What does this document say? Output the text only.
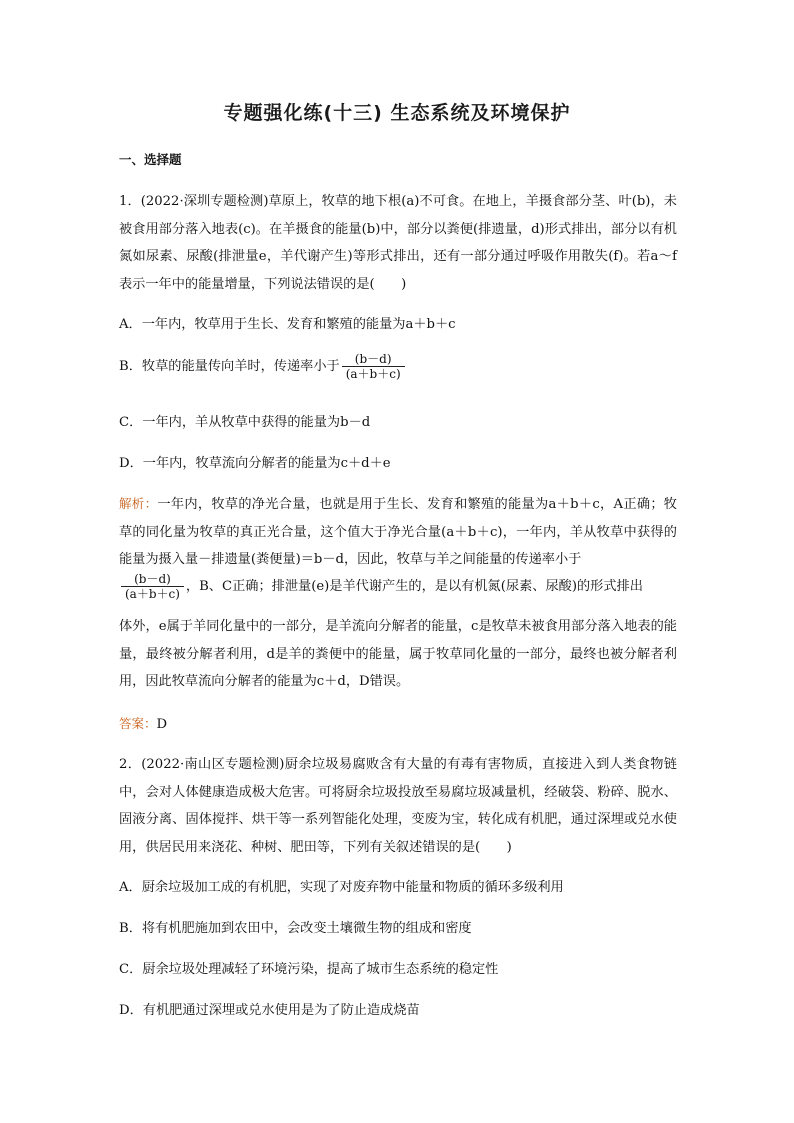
专题强化练(十三) 生态系统及环境保护
一、选择题
1．(2022·深圳专题检测)草原上，牧草的地下根(a)不可食。在地上，羊摄食部分茎、叶(b)，未被食用部分落入地表(c)。在羊摄食的能量(b)中，部分以粪便(排遗量，d)形式排出，部分以有机氮如尿素、尿酸(排泄量e，羊代谢产生)等形式排出，还有一部分通过呼吸作用散失(f)。若a～f表示一年中的能量增量，下列说法错误的是(　　)
A．一年内，牧草用于生长、发育和繁殖的能量为a＋b＋c
B．牧草的能量传向羊时，传递率小于 $\frac{(b-d)}{(a+b+c)}$
C．一年内，羊从牧草中获得的能量为b－d
D．一年内，牧草流向分解者的能量为c＋d＋e
解析：一年内，牧草的净光合量，也就是用于生长、发育和繁殖的能量为a＋b＋c，A正确；牧草的同化量为牧草的真正光合量，这个值大于净光合量(a＋b＋c)，一年内，羊从牧草中获得的能量为摄入量－排遗量(粪便量)＝b－d，因此，牧草与羊之间能量的传递率小于
$\frac{(b-d)}{(a+b+c)}$ ，B、C正确；排泄量(e)是羊代谢产生的，是以有机氮(尿素、尿酸)的形式排出
体外，e属于羊同化量中的一部分，是羊流向分解者的能量，c是牧草未被食用部分落入地表的能量，最终被分解者利用，d是羊的粪便中的能量，属于牧草同化量的一部分，最终也被分解者利用，因此牧草流向分解者的能量为c＋d，D错误。
答案：D
2．(2022·南山区专题检测)厨余垃圾易腐败含有大量的有毒有害物质，直接进入到人类食物链中，会对人体健康造成极大危害。可将厨余垃圾投放至易腐垃圾减量机，经破袋、粉碎、脱水、固液分离、固体搅拌、烘干等一系列智能化处理，变废为宝，转化成有机肥，通过深埋或兑水使用，供居民用来浇花、种树、肥田等，下列有关叙述错误的是(　　)
A．厨余垃圾加工成的有机肥，实现了对废弃物中能量和物质的循环多级利用
B．将有机肥施加到农田中，会改变土壤微生物的组成和密度
C．厨余垃圾处理减轻了环境污染，提高了城市生态系统的稳定性
D．有机肥通过深埋或兑水使用是为了防止造成烧苗
